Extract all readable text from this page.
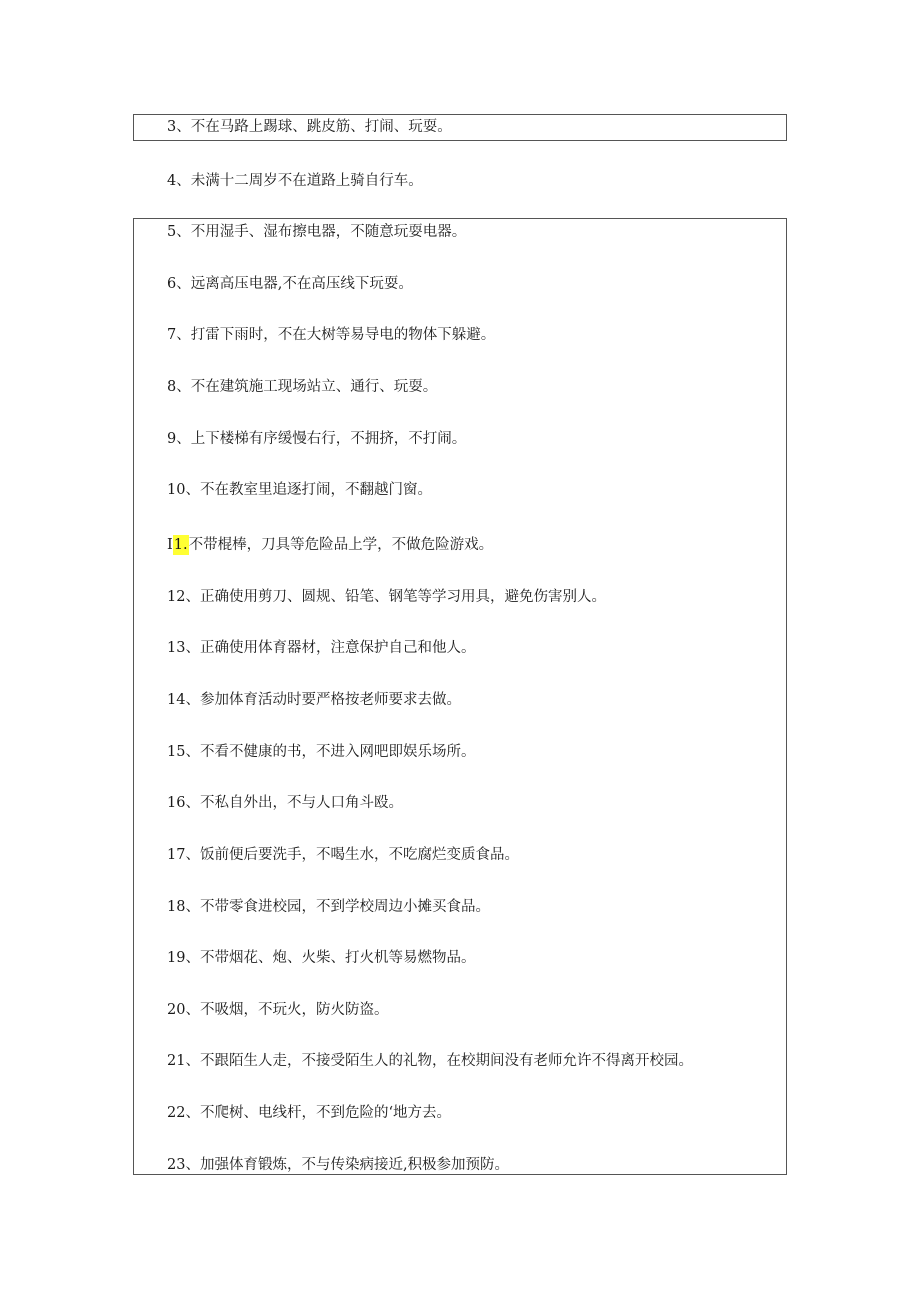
3、不在马路上踢球、跳皮筋、打闹、玩耍。
4、未满十二周岁不在道路上骑自行车。
5、不用湿手、湿布擦电器，不随意玩耍电器。
6、远离高压电器,不在高压线下玩耍。
7、打雷下雨时，不在大树等易导电的物体下躲避。
8、不在建筑施工现场站立、通行、玩耍。
9、上下楼梯有序缓慢右行，不拥挤，不打闹。
10、不在教室里追逐打闹，不翻越门窗。
I1.不带棍棒，刀具等危险品上学，不做危险游戏。
12、正确使用剪刀、圆规、铅笔、钢笔等学习用具，避免伤害别人。
13、正确使用体育器材，注意保护自己和他人。
14、参加体育活动时要严格按老师要求去做。
15、不看不健康的书，不进入网吧即娱乐场所。
16、不私自外出，不与人口角斗殴。
17、饭前便后要洗手，不喝生水，不吃腐烂变质食品。
18、不带零食进校园，不到学校周边小摊买食品。
19、不带烟花、炮、火柴、打火机等易燃物品。
20、不吸烟，不玩火，防火防盗。
21、不跟陌生人走，不接受陌生人的礼物，在校期间没有老师允许不得离开校园。
22、不爬树、电线杆，不到危险的‘地方去。
23、加强体育锻炼，不与传染病接近,积极参加预防。
